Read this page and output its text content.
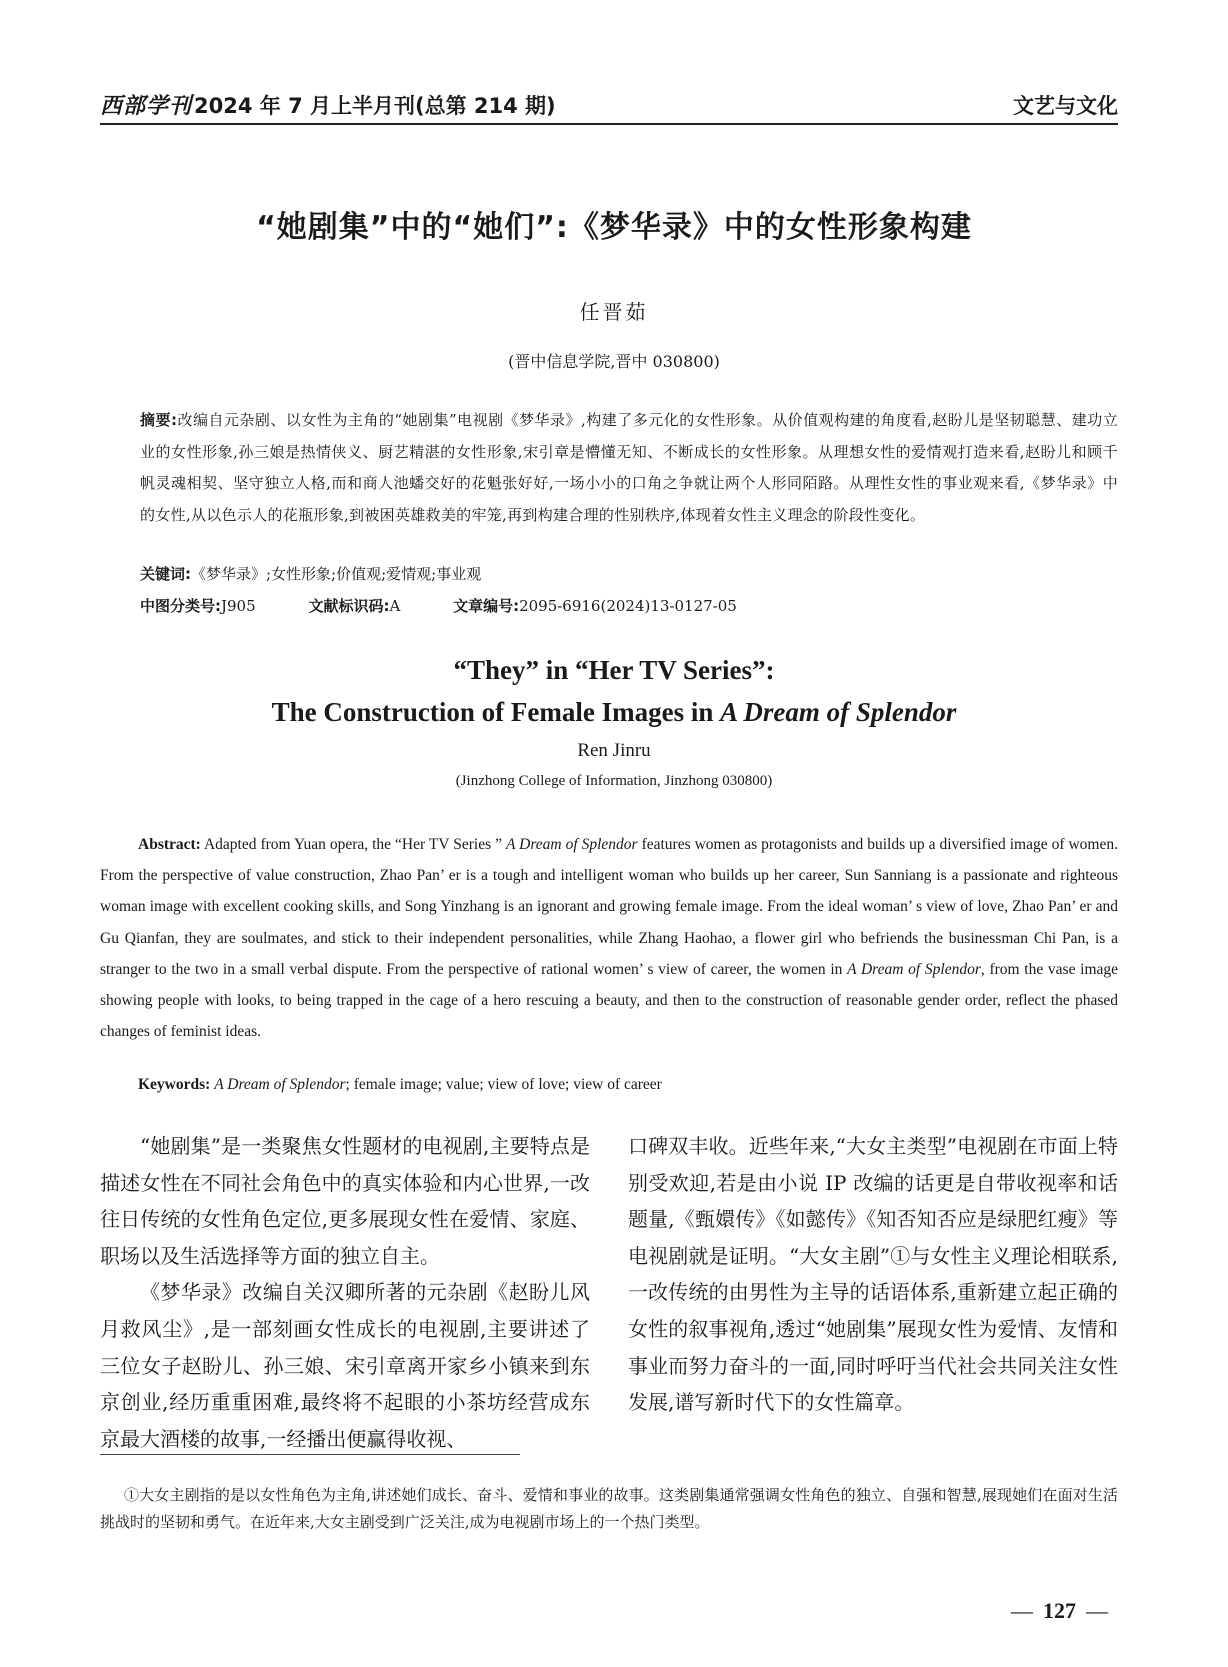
西部学刊 2024 年 7 月上半月刊(总第 214 期)	文艺与文化
“她剧集”中的“她们”:《梦华录》中的女性形象构建
任晋茹
(晋中信息学院,晋中 030800)
摘要:改编自元杂剧、以女性为主角的“她剧集”电视剧《梦华录》,构建了多元化的女性形象。从价值观构建的角度看,赵盼儿是坚韧聪慧、建功立业的女性形象,孙三娘是热情侠义、厨艺精湛的女性形象,宋引章是懵懂无知、不断成长的女性形象。从理想女性的爱情观打造来看,赵盼儿和顾千帆灵魂相契、坚守独立人格,而和商人池蟠交好的花魁张好好,一场小小的口角之争就让两个人形同陌路。从理性女性的事业观来看,《梦华录》中的女性,从以色示人的花瓶形象,到被困英雄救美的牢笼,再到构建合理的性别秩序,体现着女性主义理念的阶段性变化。
关键词:《梦华录》;女性形象;价值观;爱情观;事业观
中图分类号:J905	文献标识码:A	文章编号:2095-6916(2024)13-0127-05
“They” in “Her TV Series”:
The Construction of Female Images in A Dream of Splendor
Ren Jinru
(Jinzhong College of Information, Jinzhong 030800)
Abstract: Adapted from Yuan opera, the “Her TV Series ” A Dream of Splendor features women as protagonists and builds up a diversified image of women. From the perspective of value construction, Zhao Pan’ er is a tough and intelligent woman who builds up her career, Sun Sanniang is a passionate and righteous woman image with excellent cooking skills, and Song Yinzhang is an ignorant and growing female image. From the ideal woman’ s view of love, Zhao Pan’ er and Gu Qianfan, they are soulmates, and stick to their independent personalities, while Zhang Haohao, a flower girl who befriends the businessman Chi Pan, is a stranger to the two in a small verbal dispute. From the perspective of rational women’ s view of career, the women in A Dream of Splendor, from the vase image showing people with looks, to being trapped in the cage of a hero rescuing a beauty, and then to the construction of reasonable gender order, reflect the phased changes of feminist ideas.
Keywords: A Dream of Splendor; female image; value; view of love; view of career

“她剧集”是一类聚焦女性题材的电视剧,主要特点是描述女性在不同社会角色中的真实体验和内心世界,一改往日传统的女性角色定位,更多展现女性在爱情、家庭、职场以及生活选择等方面的独立自主。

《梦华录》改编自关汉卿所著的元杂剧《赵盼儿风月救风尘》,是一部刻画女性成长的电视剧,主要讲述了三位女子赵盼儿、孙三娘、宋引章离开家乡小镇来到东京创业,经历重重困难,最终将不起眼的小茶坊经营成东京最大酒楼的故事,一经播出便赢得收视、

口碑双丰收。近些年来,“大女主类型”电视剧在市面上特别受欢迎,若是由小说 IP 改编的话更是自带收视率和话题量,《甄嬛传》《如懿传》《知否知否应是绿肥红瘦》等电视剧就是证明。“大女主剧”①与女性主义理论相联系,一改传统的由男性为主导的话语体系,重新建立起正确的女性的叙事视角,透过“她剧集”展现女性为爱情、友情和事业而努力奋斗的一面,同时呼吁当代社会共同关注女性发展,谱写新时代下的女性篇章。

①大女主剧指的是以女性角色为主角,讲述她们成长、奋斗、爱情和事业的故事。这类剧集通常强调女性角色的独立、自强和智慧,展现她们在面对生活挑战时的坚韧和勇气。在近年来,大女主剧受到广泛关注,成为电视剧市场上的一个热门类型。
— 127 —
